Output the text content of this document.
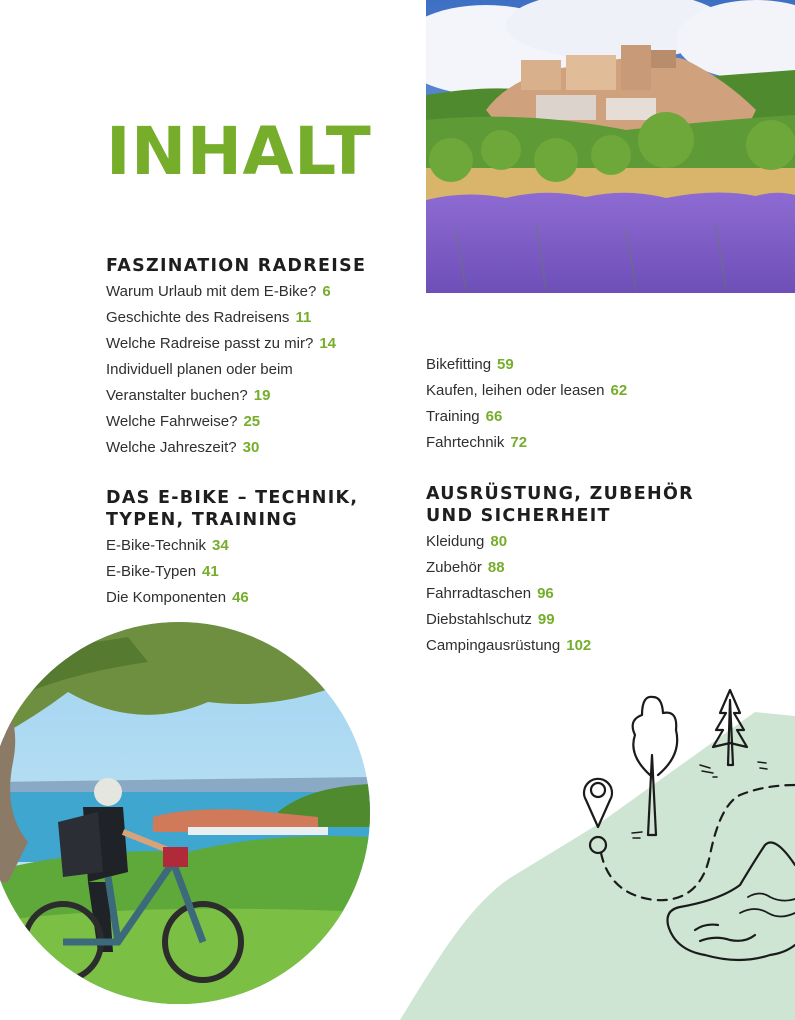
INHALT
FASZINATION RADREISE
Warum Urlaub mit dem E-Bike? 6
Geschichte des Radreisens 11
Welche Radreise passt zu mir? 14
Individuell planen oder beim
Veranstalter buchen? 19
Welche Fahrweise? 25
Welche Jahreszeit? 30
DAS E-BIKE – TECHNIK,
TYPEN, TRAINING
E-Bike-Technik 34
E-Bike-Typen 41
Die Komponenten 46
Bikefitting 59
Kaufen, leihen oder leasen 62
Training 66
Fahrtechnik 72
AUSRÜSTUNG, ZUBEHÖR
UND SICHERHEIT
Kleidung 80
Zubehör 88
Fahrradtaschen 96
Diebstahlschutz 99
Campingausrüstung 102
